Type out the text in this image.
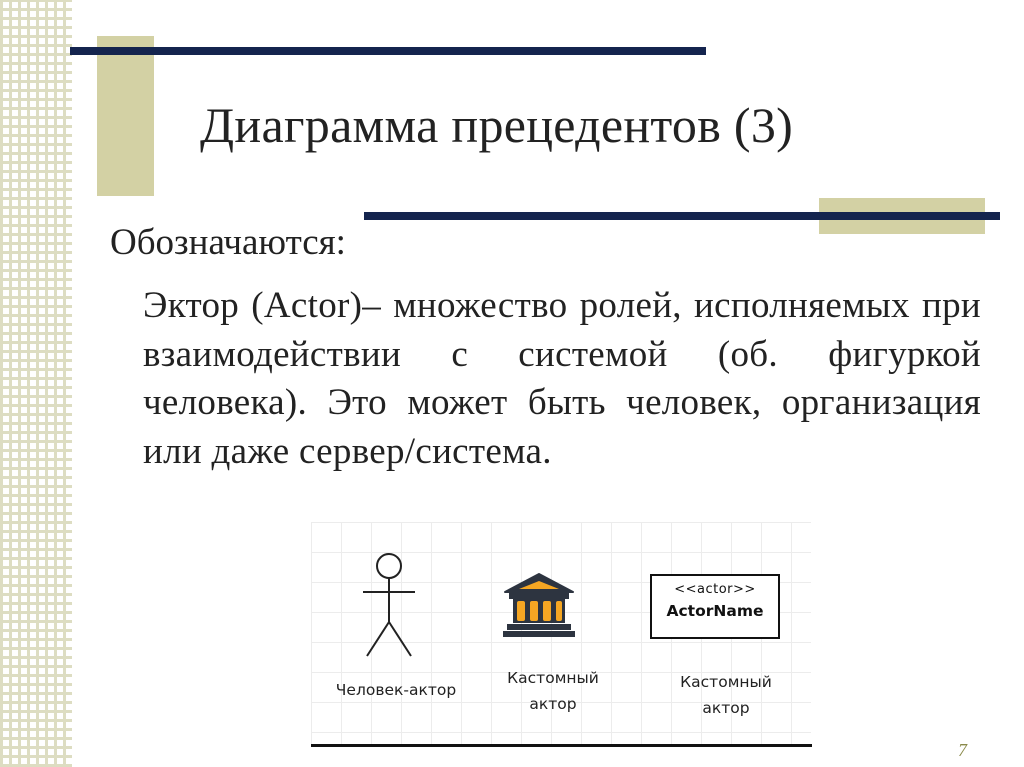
Диаграмма прецедентов (3)

Обозначаются:

Эктор (Actor)– множество ролей, исполняемых при взаимодействии с системой (об. фигуркой человека). Это может быть человек, организация или даже сервер/система.

<<actor>>
ActorName
Человек-актор
Кастомный
актор
Кастомный
актор
7
